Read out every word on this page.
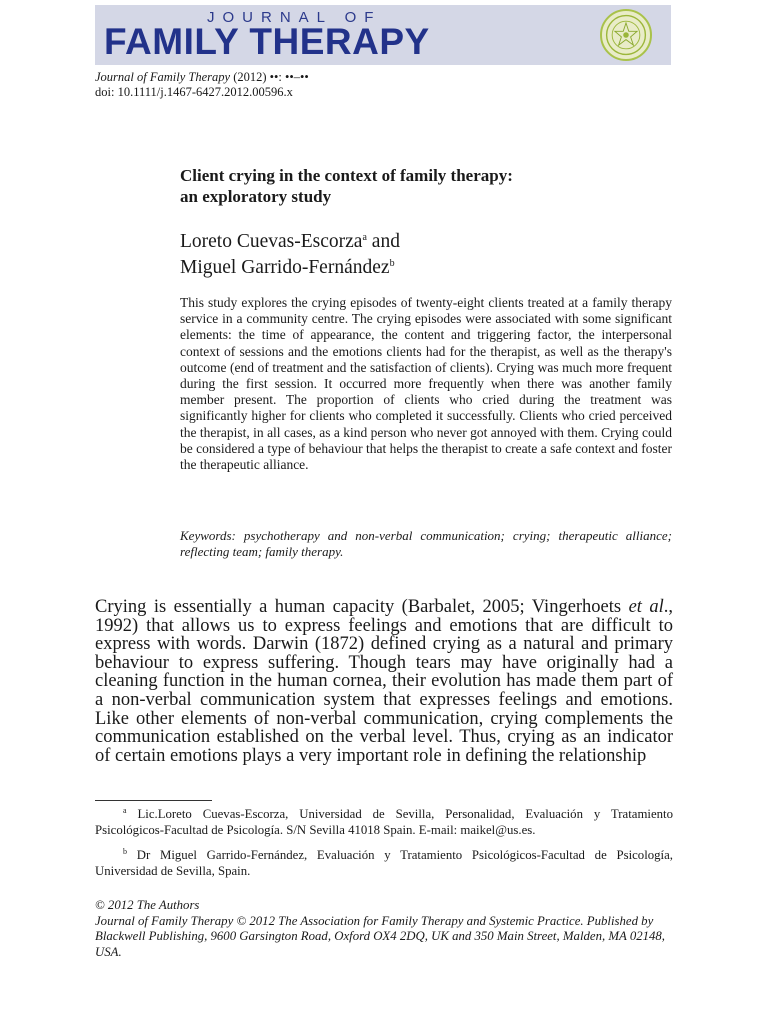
JOURNAL OF
FAMILY THERAPY
Journal of Family Therapy (2012) ••: ••–••
doi: 10.1111/j.1467-6427.2012.00596.x
Client crying in the context of family therapy:
an exploratory study
Loreto Cuevas-Escorza$^a$ and
Miguel Garrido-Fernández$^b$
This study explores the crying episodes of twenty-eight clients treated at a family therapy service in a community centre. The crying episodes were associated with some significant elements: the time of appearance, the content and triggering factor, the interpersonal context of sessions and the emotions clients had for the therapist, as well as the therapy's outcome (end of treatment and the satisfaction of clients). Crying was much more frequent during the first session. It occurred more frequently when there was another family member present. The proportion of clients who cried during the treatment was significantly higher for clients who completed it successfully. Clients who cried perceived the therapist, in all cases, as a kind person who never got annoyed with them. Crying could be considered a type of behaviour that helps the therapist to create a safe context and foster the therapeutic alliance.
Keywords: psychotherapy and non-verbal communication; crying; therapeutic alliance; reflecting team; family therapy.
Crying is essentially a human capacity (Barbalet, 2005; Vingerhoets et al., 1992) that allows us to express feelings and emotions that are difficult to express with words. Darwin (1872) defined crying as a natural and primary behaviour to express suffering. Though tears may have originally had a cleaning function in the human cornea, their evolution has made them part of a non-verbal communication system that expresses feelings and emotions. Like other elements of non-verbal communication, crying complements the communication established on the verbal level. Thus, crying as an indicator of certain emotions plays a very important role in defining the relationship

$^a$ Lic.Loreto Cuevas-Escorza, Universidad de Sevilla, Personalidad, Evaluación y Tratamiento Psicológicos-Facultad de Psicología. S/N Sevilla 41018 Spain. E-mail: maikel@us.es.

$^b$ Dr Miguel Garrido-Fernández, Evaluación y Tratamiento Psicológicos-Facultad de Psicología, Universidad de Sevilla, Spain.

© 2012 The Authors
Journal of Family Therapy © 2012 The Association for Family Therapy and Systemic Practice. Published by Blackwell Publishing, 9600 Garsington Road, Oxford OX4 2DQ, UK and 350 Main Street, Malden, MA 02148, USA.
